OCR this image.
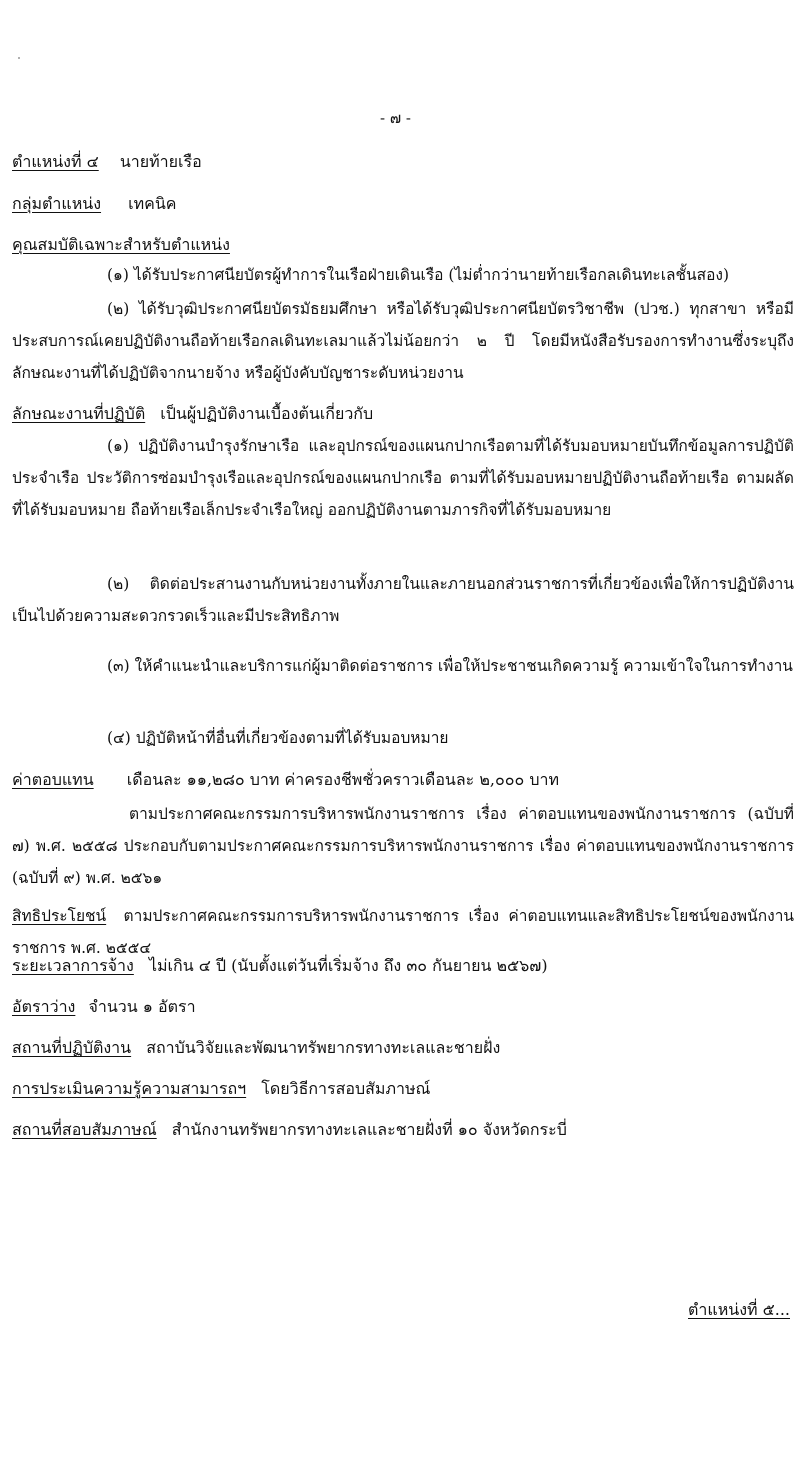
- ๗ -
ตำแหน่งที่ ๔ นายท้ายเรือ
กลุ่มตำแหน่ง เทคนิค
คุณสมบัติเฉพาะสำหรับตำแหน่ง
(๑) ได้รับประกาศนียบัตรผู้ทำการในเรือฝ่ายเดินเรือ (ไม่ต่ำกว่านายท้ายเรือกลเดินทะเลชั้นสอง)
(๒) ได้รับวุฒิประกาศนียบัตรมัธยมศึกษา หรือได้รับวุฒิประกาศนียบัตรวิชาชีพ (ปวช.) ทุกสาขา หรือมีประสบการณ์เคยปฏิบัติงานถือท้ายเรือกลเดินทะเลมาแล้วไม่น้อยกว่า ๒ ปี โดยมีหนังสือรับรองการทำงานซึ่งระบุถึงลักษณะงานที่ได้ปฏิบัติจากนายจ้าง หรือผู้บังคับบัญชาระดับหน่วยงาน
ลักษณะงานที่ปฏิบัติ เป็นผู้ปฏิบัติงานเบื้องต้นเกี่ยวกับ
(๑) ปฏิบัติงานบำรุงรักษาเรือ และอุปกรณ์ของแผนกปากเรือตามที่ได้รับมอบหมายบันทึกข้อมูลการปฏิบัติประจำเรือ ประวัติการซ่อมบำรุงเรือและอุปกรณ์ของแผนกปากเรือ ตามที่ได้รับมอบหมายปฏิบัติงานถือท้ายเรือ ตามผลัดที่ได้รับมอบหมาย ถือท้ายเรือเล็กประจำเรือใหญ่ ออกปฏิบัติงานตามภารกิจที่ได้รับมอบหมาย
(๒) ติดต่อประสานงานกับหน่วยงานทั้งภายในและภายนอกส่วนราชการที่เกี่ยวข้องเพื่อให้การปฏิบัติงานเป็นไปด้วยความสะดวกรวดเร็วและมีประสิทธิภาพ
(๓) ให้คำแนะนำและบริการแก่ผู้มาติดต่อราชการ เพื่อให้ประชาชนเกิดความรู้ ความเข้าใจในการทำงาน
(๔) ปฏิบัติหน้าที่อื่นที่เกี่ยวข้องตามที่ได้รับมอบหมาย
ค่าตอบแทน เดือนละ ๑๑,๒๘๐ บาท ค่าครองชีพชั่วคราวเดือนละ ๒,๐๐๐ บาท
ตามประกาศคณะกรรมการบริหารพนักงานราชการ เรื่อง ค่าตอบแทนของพนักงานราชการ (ฉบับที่ ๗) พ.ศ. ๒๕๕๘ ประกอบกับตามประกาศคณะกรรมการบริหารพนักงานราชการ เรื่อง ค่าตอบแทนของพนักงานราชการ (ฉบับที่ ๙) พ.ศ. ๒๕๖๑
สิทธิประโยชน์ ตามประกาศคณะกรรมการบริหารพนักงานราชการ เรื่อง ค่าตอบแทนและสิทธิประโยชน์ของพนักงานราชการ พ.ศ. ๒๕๕๔
ระยะเวลาการจ้าง ไม่เกิน ๔ ปี (นับตั้งแต่วันที่เริ่มจ้าง ถึง ๓๐ กันยายน ๒๕๖๗)
อัตราว่าง จำนวน ๑ อัตรา
สถานที่ปฏิบัติงาน สถาบันวิจัยและพัฒนาทรัพยากรทางทะเลและชายฝั่ง
การประเมินความรู้ความสามารถฯ โดยวิธีการสอบสัมภาษณ์
สถานที่สอบสัมภาษณ์ สำนักงานทรัพยากรทางทะเลและชายฝั่งที่ ๑๐ จังหวัดกระบี่
ตำแหน่งที่ ๕...
